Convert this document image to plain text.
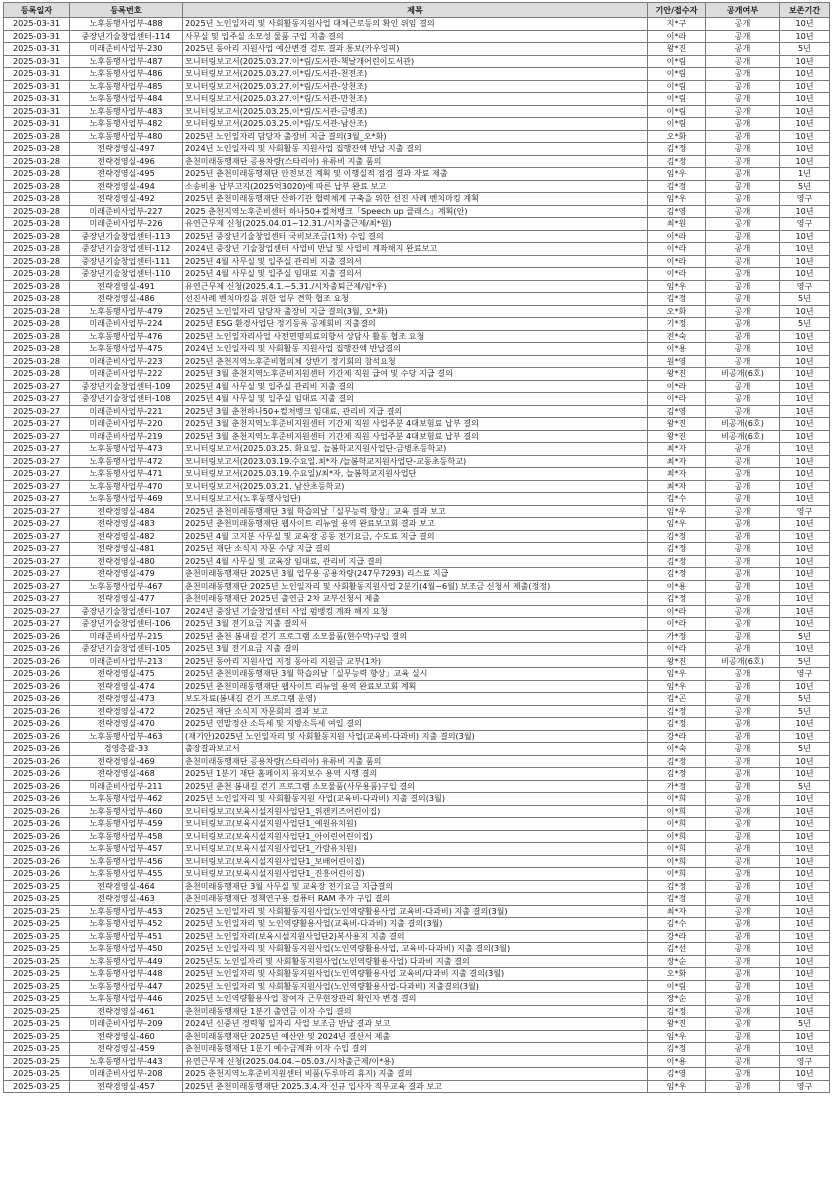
등록일자	등록번호	제목	기안/접수자	공개여부	보존기간
2025-03-31	노후동행사업부-488	2025년 노인일자리 및 사회활동지원사업 대체근로등의 확인 위임 결의	지*구	공개	10년
2025-03-31	중장년기술창업센터-114	사무실 및 입주실 소모성 물품 구입 지출 결의	이*라	공개	10년
2025-03-31	미래준비사업부-230	2025년 동아리 지원사업 예산변경 검토 결과 통보(카우잉픽)	왕*진	공개	5년
2025-03-31	노후동행사업부-487	모니터링보고서(2025.03.27.이*림/도서관-책날개어린이도서관)	이*림	공개	10년
2025-03-31	노후동행사업부-486	모니터링보고서(2025.03.27.이*림/도서관-천전조)	이*림	공개	10년
2025-03-31	노후동행사업부-485	모니터링보고서(2025.03.27.이*림/도서관-상천조)	이*림	공개	10년
2025-03-31	노후동행사업부-484	모니터링보고서(2025.03.27.이*림/도서관-만천조)	이*림	공개	10년
2025-03-31	노후동행사업부-483	모니터링보고서(2025.03.25.이*림/도서관-금병조)	이*림	공개	10년
2025-03-31	노후동행사업부-482	모니터링보고서(2025.03.25.이*림/도서관-남산조)	이*림	공개	10년
2025-03-28	노후동행사업부-480	2025년 노인일자리 담당자 출장비 지급 결의(3월_오*화)	오*화	공개	10년
2025-03-28	전략경영실-497	2024년 노인일자리 및 사회활동 지원사업 집행잔액 반납 지출 결의	김*정	공개	10년
2025-03-28	전략경영실-496	춘천미래동행재단 공용차량(스타리아) 유류비 지출 품의	김*정	공개	10년
2025-03-28	전략경영실-495	2025년 춘천미래동행재단 안전보건 계획 및 이행실적 점검 결과 자료 제출	임*우	공개	1년
2025-03-28	전략경영실-494	소송비용 납부고지(2025억3020)에 따른 납부 완료 보고	김*정	공개	5년
2025-03-28	전략경영실-492	2025년 춘천미래동행재단 산하기관 협력체계 구축을 위한 선진 사례 벤치마킹 계획	임*우	공개	영구
2025-03-28	미래준비사업부-227	2025 춘천지역노후준비센터 하나50+컬처뱅크「Speech up 클래스」계획(안)	김*영	공개	10년
2025-03-28	미래준비사업부-226	유연근무제 신청(2025.04.01~12.31./시차출근제/최*원)	최*원	공개	영구
2025-03-28	중장년기술창업센터-113	2025년 중장년기술창업센터 국비보조금(1차) 수입 결의	이*라	공개	10년
2025-03-28	중장년기술창업센터-112	2024년 중장년 기술창업센터 사업비 반납 및 사업비 계좌해지 완료보고	이*라	공개	10년
2025-03-28	중장년기술창업센터-111	2025년 4월 사무실 및 입주실 관리비 지출 결의서	이*라	공개	10년
2025-03-28	중장년기술창업센터-110	2025년 4월 사무실 및 입주실 임대료 지출 결의서	이*라	공개	10년
2025-03-28	전략경영실-491	유연근무제 신청(2025.4.1.~5.31./시차출퇴근제/임*우)	임*우	공개	영구
2025-03-28	전략경영실-486	선진사례 벤치마킹을 위한 업무 견학 협조 요청	김*정	공개	5년
2025-03-28	노후동행사업부-479	2025년 노인일자리 담당자 출장비 지급 결의(3월, 오*화)	오*화	공개	10년
2025-03-28	미래준비사업부-224	2025년 ESG 환경사업단 정기등록 공제회비 지출결의	기*정	공개	5년
2025-03-28	노후동행사업부-476	2025년 노인일자리사업 사전면명의료의향서 상담사 활동 협조 요청	전*숙	공개	10년
2025-03-28	노후동행사업부-475	2024년 노인일자리 및 사회활동 지원사업 집행잔액 반납결의	이*용	공개	10년
2025-03-28	미래준비사업부-223	2025년 춘천지역노후준비협의체 상반기 정기회의 참석요청	원*영	공개	10년
2025-03-28	미래준비사업부-222	2025년 3월 춘천지역노후준비지원센터 기간제 직원 급여 및 수당 지급 결의	왕*진	비공개(6호)	10년
2025-03-27	중장년기술창업센터-109	2025년 4월 사무실 및 입주실 관리비 지출 결의	이*라	공개	10년
2025-03-27	중장년기술창업센터-108	2025년 4월 사무실 및 입주실 임대료 지출 결의	이*라	공개	10년
2025-03-27	미래준비사업부-221	2025년 3월 춘천하나50+컬처뱅크 임대료, 관리비 지급 결의	김*영	공개	10년
2025-03-27	미래준비사업부-220	2025년 3월 춘천지역노후준비지원센터 기간제 직원 사업주분 4대보험료 납부 결의	왕*진	비공개(6호)	10년
2025-03-27	미래준비사업부-219	2025년 3월 춘천지역노후준비지원센터 기간제 직원 사업주분 4대보험료 납부 결의	왕*진	비공개(6호)	10년
2025-03-27	노후동행사업부-473	모니터링보고서(2025.03.25. 화요일. 늘봄학교지원사업단-금병초등학교)	최*자	공개	10년
2025-03-27	노후동행사업부-472	모니터링보고서(2023.03.19.수요일.최*자 /늘봄학교지원사업단-교동초등학교)	최*자	공개	10년
2025-03-27	노후동행사업부-471	모니터링보고서(2025.03.19.수요일)/최*자, 늘봄학교지원사업단	최*자	공개	10년
2025-03-27	노후동행사업부-470	모니터링보고서(2025.03.21. 남산초등학교)	최*자	공개	10년
2025-03-27	노후동행사업부-469	모니터링보고서(노후동행사업단)	김*수	공개	10년
2025-03-27	전략경영실-484	2025년 춘천미래동행재단 3월 학습의날「실무능력 향상」교육 결과 보고	임*우	공개	영구
2025-03-27	전략경영실-483	2025년 춘천미래동행재단 웹사이트 리뉴얼 용역 완료보고회 결과 보고	임*우	공개	10년
2025-03-27	전략경영실-482	2025년 4월 고지분 사무실 및 교육장 공동 전기요금, 수도료 지급 결의	김*정	공개	10년
2025-03-27	전략경영실-481	2025년 재단 소식지 자문 수당 지급 결의	김*정	공개	10년
2025-03-27	전략경영실-480	2025년 4월 사무실 및 교육장 임대료, 관리비 지급 결의	김*정	공개	10년
2025-03-27	전략경영실-479	춘천미래동행재단 2025년 3월 업무용 공용차량(247무7293) 리스료 지급	김*정	공개	10년
2025-03-27	노후동행사업부-467	춘천미래동행재단 2025년 노인일자리 및 사회활동지원사업 2분기(4월~6월) 보조금 신청서 제출(정정)	이*용	공개	10년
2025-03-27	전략경영실-477	춘천미래동행재단 2025년 출연금 2차 교부신청서 제출	김*정	공개	10년
2025-03-27	중장년기술창업센터-107	2024년 중장년 기술창업센터 사업 펌뱅킹 계좌 해지 요청	이*라	공개	10년
2025-03-27	중장년기술창업센터-106	2025년 3월 전기요금 지출 결의서	이*라	공개	10년
2025-03-26	미래준비사업부-215	2025년 춘천 봄내길 걷기 프로그램 소모물품(현수막)구입 결의	가*정	공개	5년
2025-03-26	중장년기술창업센터-105	2025년 3월 전기요금 지출 결의	이*라	공개	10년
2025-03-26	미래준비사업부-213	2025년 동아리 지원사업 지정 동아리 지원금 교부(1차)	왕*진	비공개(6호)	5년
2025-03-26	전략경영실-475	2025년 춘천미래동행재단 3월 학습의날「실무능력 향상」교육 실시	임*우	공개	영구
2025-03-26	전략경영실-474	2025년 춘천미래동행재단 웹사이트 리뉴얼 용역 완료보고회 계획	임*우	공개	10년
2025-03-26	전략경영실-473	보도자료(봄내길 걷기 프로그램 운영)	김*곤	공개	5년
2025-03-26	전략경영실-472	2025년 재단 소식지 자문회의 결과 보고	김*정	공개	5년
2025-03-26	전략경영실-470	2025년 연말정산 소득세 및 지방소득세 여입 결의	김*정	공개	10년
2025-03-26	노후동행사업부-463	(재기안)2025년 노인일자리 및 사회활동지원 사업(교육비-다과비) 지출 결의(3월)	강*라	공개	10년
2025-03-26	경영총괄-33	출장결과보고서	이*숙	공개	5년
2025-03-26	전략경영실-469	춘천미래동행재단 공용차량(스타리아) 유류비 지출 품의	김*정	공개	10년
2025-03-26	전략경영실-468	2025년 1분기 재단 홈페이지 유지보수 용역 시행 결의	김*정	공개	10년
2025-03-26	미래준비사업부-211	2025년 춘천 봄내길 걷기 프로그램 소모물품(사무용품)구입 결의	가*정	공개	5년
2025-03-26	노후동행사업부-462	2025년 노인일자리 및 사회활동지원 사업(교육비-다과비) 지출 결의(3월)	이*희	공개	10년
2025-03-26	노후동행사업부-460	모니터링보고(보육시설지원사업단1_위캔키즈어린이집)	이*희	공개	10년
2025-03-26	노후동행사업부-459	모니터링보고(보육시설지원사업단1_예원유치원)	이*희	공개	10년
2025-03-26	노후동행사업부-458	모니터링보고(보육시설지원사업단1_아이린어린이집)	이*희	공개	10년
2025-03-26	노후동행사업부-457	모니터링보고(보육시설지원사업단1_가람유치원)	이*희	공개	10년
2025-03-26	노후동행사업부-456	모니터링보고(보육시설지원사업단1_보배어린이집)	이*희	공개	10년
2025-03-26	노후동행사업부-455	모니터링보고(보육시설지원사업단1_진흥어린이집)	이*희	공개	10년
2025-03-25	전략경영실-464	춘천미래동행재단 3월 사무실 및 교육장 전기요금 지급결의	김*정	공개	10년
2025-03-25	전략경영실-463	춘천미래동행재단 정책연구용 컴퓨터 RAM 추가 구입 결의	김*정	공개	10년
2025-03-25	노후동행사업부-453	2025년 노인일자리 및 사회활동지원사업(노인역량활용사업 교육비-다과비) 지출 결의(3월)	최*자	공개	10년
2025-03-25	노후동행사업부-452	2025년 노인일자리 및 노인역량활용사업(교육비-다과비) 지출 결의(3월)	김*수	공개	10년
2025-03-25	노후동행사업부-451	2025년 노인일자리(보육시설지원사업단2)복사용지 지출 결의	강*라	공개	10년
2025-03-25	노후동행사업부-450	2025년 노인일자리 및 사회활동지원사업(노인역량활용사업, 교육비-다과비) 지출 결의(3월)	김*선	공개	10년
2025-03-25	노후동행사업부-449	2025년도 노인일자리 및 사회활동지원사업(노인역량활용사업) 다과비 지출 결의	장*순	공개	10년
2025-03-25	노후동행사업부-448	2025년 노인일자리 및 사회활동지원사업(노인역량활용사업 교육비/다과비 지출 결의(3월)	오*화	공개	10년
2025-03-25	노후동행사업부-447	2025년 노인일자리 및 사회활동지원사업(노인역량활용사업-다과비) 지출결의(3월)	이*림	공개	10년
2025-03-25	노후동행사업부-446	2025년 노인역량활용사업 참여자 근무현장관리 확인자 변경 결의	장*순	공개	10년
2025-03-25	전략경영실-461	춘천미래동행재단 1분기 출연금 이자 수입 결의	김*정	공개	10년
2025-03-25	미래준비사업부-209	2024년 신중년 경력형 일자리 사업 보조금 반납 결과 보고	왕*진	공개	5년
2025-03-25	전략경영실-460	춘천미래동행재단 2025년 예산안 및 2024년 결산서 제출	임*우	공개	10년
2025-03-25	전략경영실-459	춘천미래동행재단 1분기 예수금계좌 이자 수입 결의	김*정	공개	10년
2025-03-25	노후동행사업부-443	유연근무제 신청(2025.04.04.~05.03./시차출근제/이*용)	이*용	공개	영구
2025-03-25	미래준비사업부-208	2025 춘천지역노후준비지원센터 비품(두루마리 휴지) 지출 결의	김*영	공개	10년
2025-03-25	전략경영실-457	2025년 춘천미래동행재단 2025.3.4.자 신규 입사자 직무교육 결과 보고	임*우	공개	영구
